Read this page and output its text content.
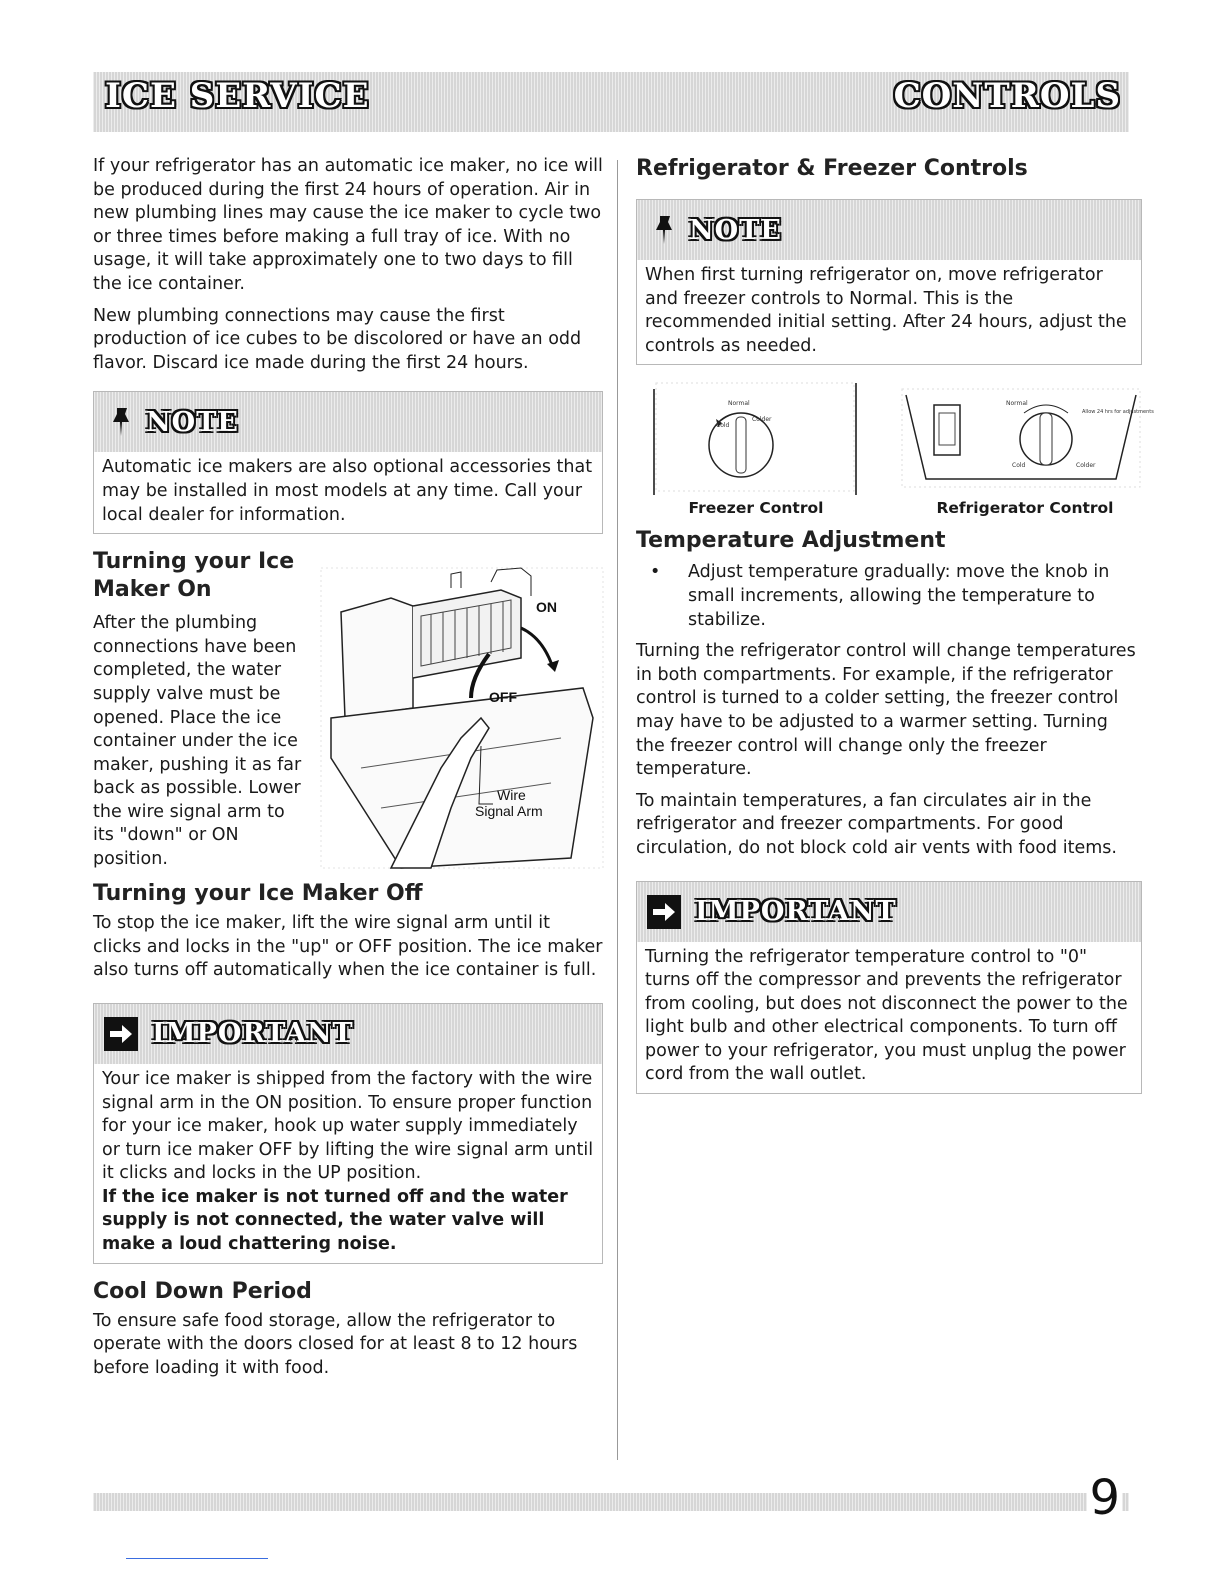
ICE SERVICE	CONTROLS

If your refrigerator has an automatic ice maker, no ice will be produced during the first 24 hours of operation. Air in new plumbing lines may cause the ice maker to cycle two or three times before making a full tray of ice. With no usage, it will take approximately one to two days to fill the ice container.

New plumbing connections may cause the first production of ice cubes to be discolored or have an odd flavor. Discard ice made during the first 24 hours.

NOTE
Automatic ice makers are also optional accessories that may be installed in most models at any time. Call your local dealer for information.
Turning your Ice Maker On
After the plumbing connections have been completed, the water supply valve must be opened. Place the ice container under the ice maker, pushing it as far back as possible. Lower the wire signal arm to its "down" or ON position.
ON
OFF
Wire
Signal Arm
Turning your Ice Maker Off

To stop the ice maker, lift the wire signal arm until it clicks and locks in the "up" or OFF position. The ice maker also turns off automatically when the ice container is full.

IMPORTANT
Your ice maker is shipped from the factory with the wire signal arm in the ON position. To ensure proper function for your ice maker, hook up water supply immediately or turn ice maker OFF by lifting the wire signal arm until it clicks and locks in the UP position.
If the ice maker is not turned off and the water supply is not connected, the water valve will make a loud chattering noise.
Cool Down Period

To ensure safe food storage, allow the refrigerator to operate with the doors closed for at least 8 to 12 hours before loading it with food.

Refrigerator & Freezer Controls
NOTE
When first turning refrigerator on, move refrigerator and freezer controls to Normal. This is the recommended initial setting. After 24 hours, adjust the controls as needed.
Normal
Cold
Colder
Normal
Cold	Colder
Allow 24 hrs for adjustments
Freezer Control	Refrigerator Control
Temperature Adjustment
•	Adjust temperature gradually: move the knob in small increments, allowing the temperature to stabilize.

Turning the refrigerator control will change temperatures in both compartments. For example, if the refrigerator control is turned to a colder setting, the freezer control may have to be adjusted to a warmer setting. Turning the freezer control will change only the freezer temperature.

To maintain temperatures, a fan circulates air in the refrigerator and freezer compartments. For good circulation, do not block cold air vents with food items.

IMPORTANT
Turning the refrigerator temperature control to "0" turns off the compressor and prevents the refrigerator from cooling, but does not disconnect the power to the light bulb and other electrical components. To turn off power to your refrigerator, you must unplug the power cord from the wall outlet.
9
